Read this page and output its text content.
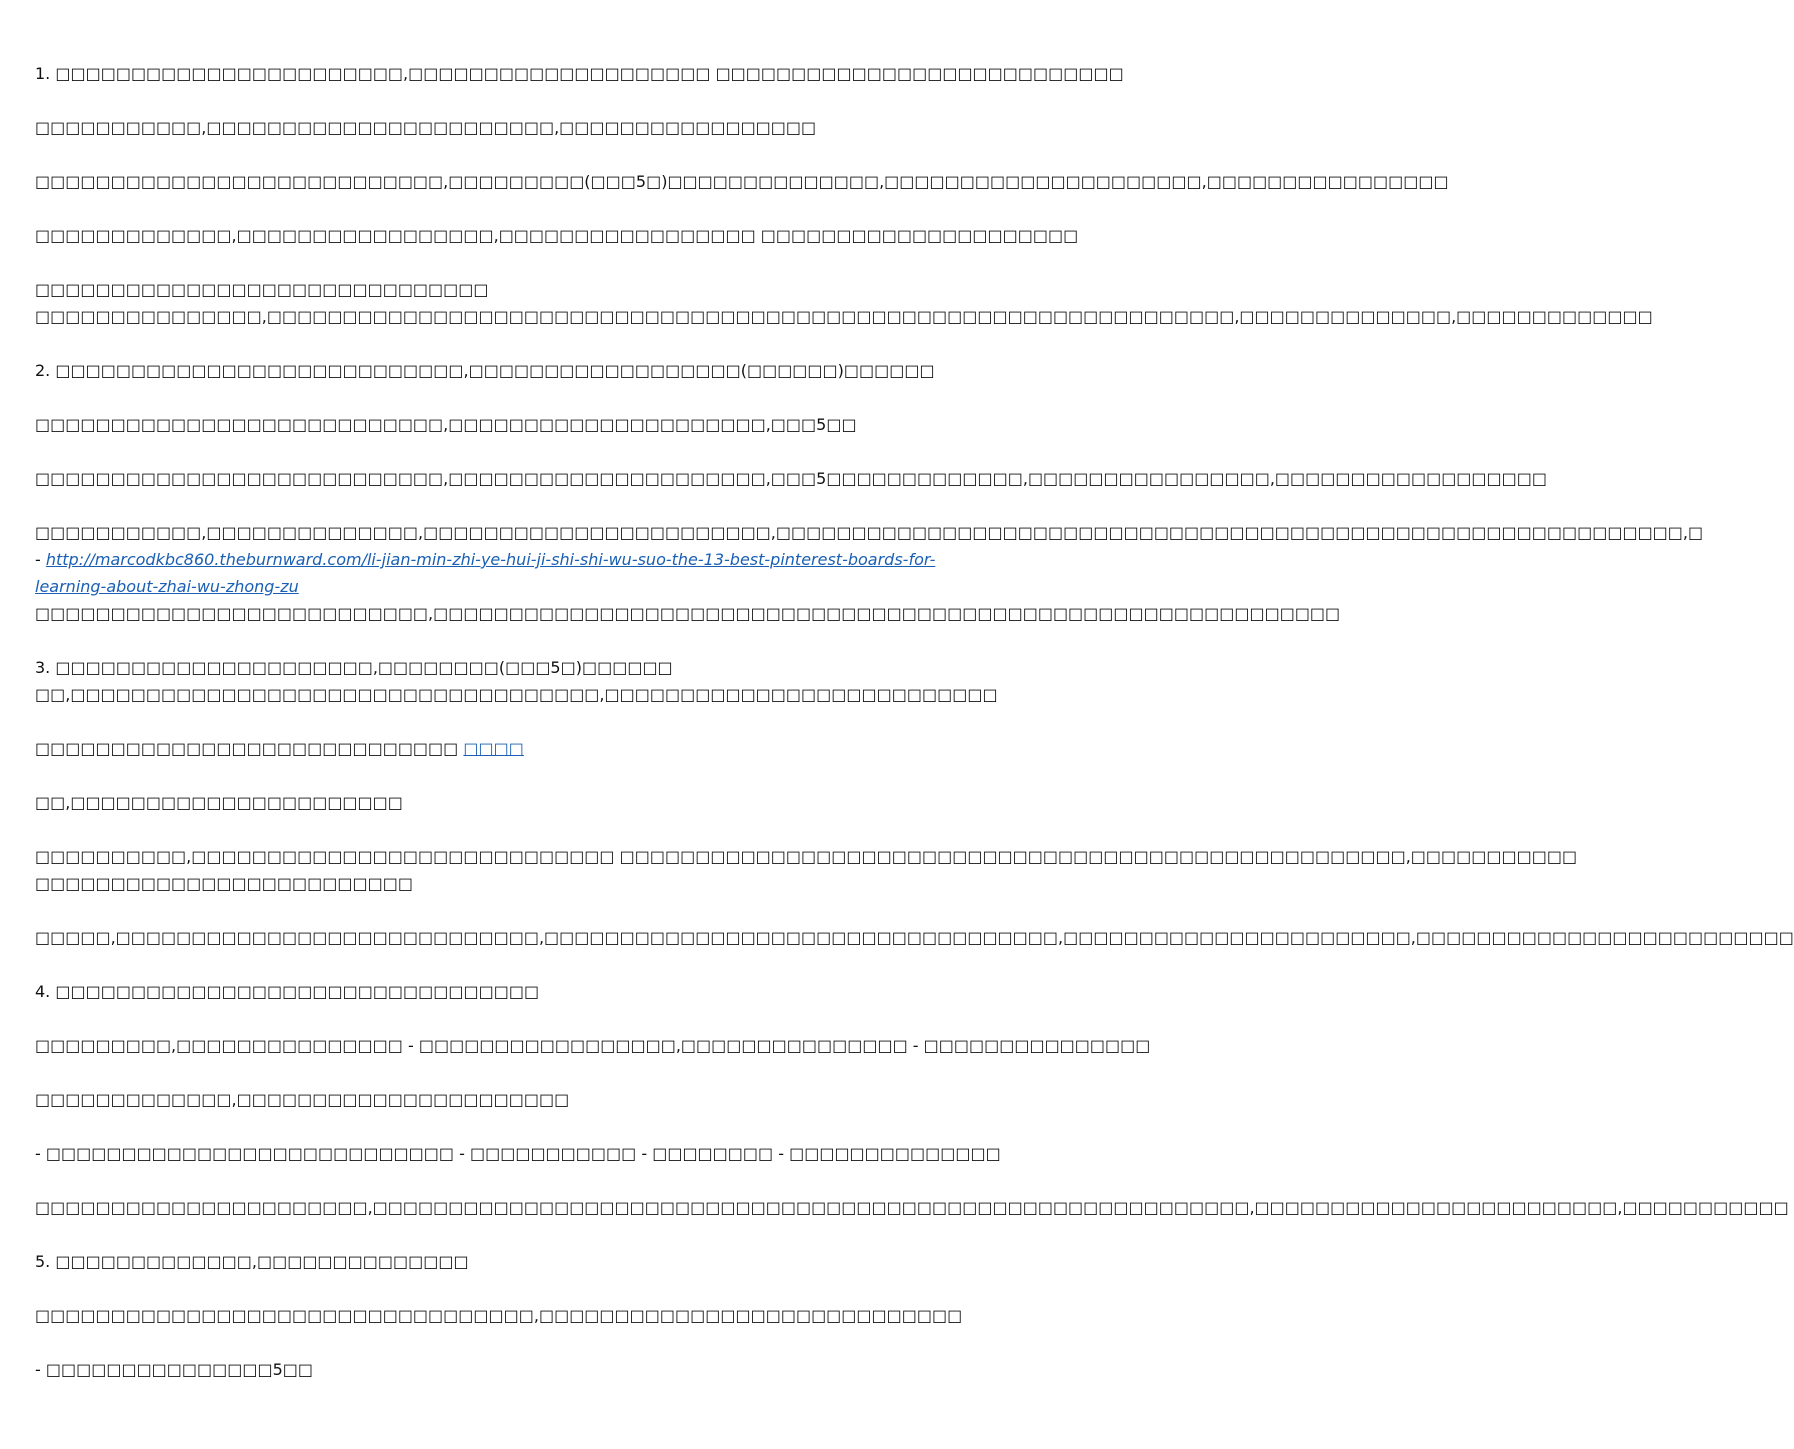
1. □□□□□□□□□□□□□□□□□□□□□□□,□□□□□□□□□□□□□□□□□□□□ □□□□□□□□□□□□□□□□□□□□□□□□□□□

□□□□□□□□□□□,□□□□□□□□□□□□□□□□□□□□□□□,□□□□□□□□□□□□□□□□□

□□□□□□□□□□□□□□□□□□□□□□□□□□□,□□□□□□□□□(□□□5□)□□□□□□□□□□□□□□,□□□□□□□□□□□□□□□□□□□□□,□□□□□□□□□□□□□□□□

□□□□□□□□□□□□□,□□□□□□□□□□□□□□□□□,□□□□□□□□□□□□□□□□□ □□□□□□□□□□□□□□□□□□□□□

□□□□□□□□□□□□□□□□□□□□□□□□□□□□□□
□□□□□□□□□□□□□□□,□□□□□□□□□□□□□□□□□□□□□□□□□□□□□□□□□□□□□□□□□□□□□□□□□□□□□□□□□□□□□□□□,□□□□□□□□□□□□□□,□□□□□□□□□□□□□

2. □□□□□□□□□□□□□□□□□□□□□□□□□□□,□□□□□□□□□□□□□□□□□□(□□□□□□)□□□□□□

□□□□□□□□□□□□□□□□□□□□□□□□□□□,□□□□□□□□□□□□□□□□□□□□□,□□□5□□

□□□□□□□□□□□□□□□□□□□□□□□□□□□,□□□□□□□□□□□□□□□□□□□□□,□□□5□□□□□□□□□□□□□,□□□□□□□□□□□□□□□□,□□□□□□□□□□□□□□□□□□

□□□□□□□□□□□,□□□□□□□□□□□□□□,□□□□□□□□□□□□□□□□□□□□□□□,□□□□□□□□□□□□□□□□□□□□□□□□□□□□□□□□□□□□□□□□□□□□□□□□□□□□□□□□□□□□,□

- http://marcodkbc860.theburnward.com/li-jian-min-zhi-ye-hui-ji-shi-shi-wu-suo-the-13-best-pinterest-boards-for-
learning-about-zhai-wu-zhong-zu
□□□□□□□□□□□□□□□□□□□□□□□□□□,□□□□□□□□□□□□□□□□□□□□□□□□□□□□□□□□□□□□□□□□□□□□□□□□□□□□□□□□□□□□

3. □□□□□□□□□□□□□□□□□□□□□,□□□□□□□□(□□□5□)□□□□□□
□□,□□□□□□□□□□□□□□□□□□□□□□□□□□□□□□□□□□□,□□□□□□□□□□□□□□□□□□□□□□□□□□

□□□□□□□□□□□□□□□□□□□□□□□□□□□□ □□□□

□□,□□□□□□□□□□□□□□□□□□□□□□

□□□□□□□□□□,□□□□□□□□□□□□□□□□□□□□□□□□□□□□ □□□□□□□□□□□□□□□□□□□□□□□□□□□□□□□□□□□□□□□□□□□□□□□□□□□□,□□□□□□□□□□□
□□□□□□□□□□□□□□□□□□□□□□□□□

□□□□□,□□□□□□□□□□□□□□□□□□□□□□□□□□□□,□□□□□□□□□□□□□□□□□□□□□□□□□□□□□□□□□□,□□□□□□□□□□□□□□□□□□□□□□□,□□□□□□□□□□□□□□□□□□□□□□□□□

4. □□□□□□□□□□□□□□□□□□□□□□□□□□□□□□□□

□□□□□□□□□,□□□□□□□□□□□□□□□ - □□□□□□□□□□□□□□□□□,□□□□□□□□□□□□□□□ - □□□□□□□□□□□□□□□

□□□□□□□□□□□□□,□□□□□□□□□□□□□□□□□□□□□□

- □□□□□□□□□□□□□□□□□□□□□□□□□□□ - □□□□□□□□□□□ - □□□□□□□□ - □□□□□□□□□□□□□□

□□□□□□□□□□□□□□□□□□□□□□,□□□□□□□□□□□□□□□□□□□□□□□□□□□□□□□□□□□□□□□□□□□□□□□□□□□□□□□□□□,□□□□□□□□□□□□□□□□□□□□□□□□,□□□□□□□□□□□

5. □□□□□□□□□□□□□,□□□□□□□□□□□□□□

□□□□□□□□□□□□□□□□□□□□□□□□□□□□□□□□□,□□□□□□□□□□□□□□□□□□□□□□□□□□□□

- □□□□□□□□□□□□□□□5□□
